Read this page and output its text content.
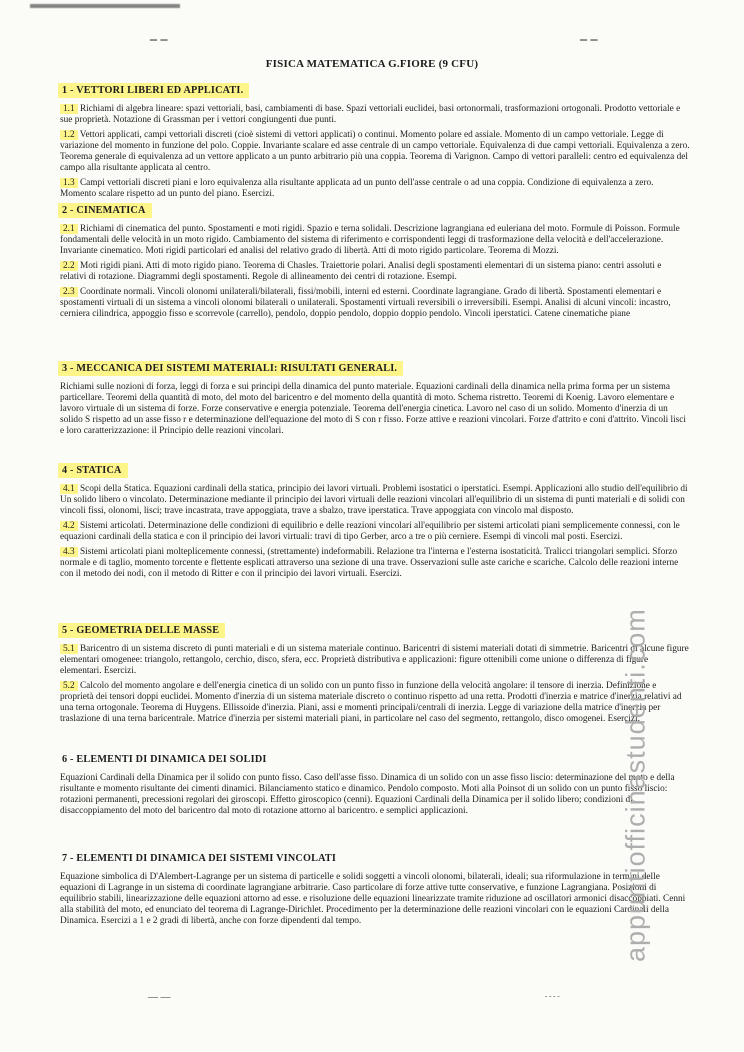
– –	– –
FISICA MATEMATICA G.FIORE (9 CFU)
1 - VETTORI LIBERI ED APPLICATI.
1.1 Richiami di algebra lineare: spazi vettoriali, basi, cambiamenti di base. Spazi vettoriali euclidei, basi ortonormali, trasformazioni ortogonali. Prodotto vettoriale e sue proprietà. Notazione di Grassman per i vettori congiungenti due punti.
1.2 Vettori applicati, campi vettoriali discreti (cioè sistemi di vettori applicati) o continui. Momento polare ed assiale. Momento di un campo vettoriale. Legge di variazione del momento in funzione del polo. Coppie. Invariante scalare ed asse centrale di un campo vettoriale. Equivalenza di due campi vettoriali. Equivalenza a zero. Teorema generale di equivalenza ad un vettore applicato a un punto arbitrario più una coppia. Teorema di Varignon. Campo di vettori paralleli: centro ed equivalenza del campo alla risultante applicata al centro.
1.3 Campi vettoriali discreti piani e loro equivalenza alla risultante applicata ad un punto dell'asse centrale o ad una coppia. Condizione di equivalenza a zero. Momento scalare rispetto ad un punto del piano. Esercizi.
2 - CINEMATICA
2.1 Richiami di cinematica del punto. Spostamenti e moti rigidi. Spazio e terna solidali. Descrizione lagrangiana ed euleriana del moto. Formule di Poisson. Formule fondamentali delle velocità in un moto rigido. Cambiamento del sistema di riferimento e corrispondenti leggi di trasformazione della velocità e dell'accelerazione. Invariante cinematico. Moti rigidi particolari ed analisi del relativo grado di libertà. Atti di moto rigido particolare. Teorema di Mozzi.
2.2 Moti rigidi piani. Atti di moto rigido piano. Teorema di Chasles. Traiettorie polari. Analisi degli spostamenti elementari di un sistema piano: centri assoluti e relativi di rotazione. Diagrammi degli spostamenti. Regole di allineamento dei centri di rotazione. Esempi.
2.3 Coordinate normali. Vincoli olonomi unilaterali/bilaterali, fissi/mobili, interni ed esterni. Coordinate lagrangiane. Grado di libertà. Spostamenti elementari e spostamenti virtuali di un sistema a vincoli olonomi bilaterali o unilaterali. Spostamenti virtuali reversibili o irreversibili. Esempi. Analisi di alcuni vincoli: incastro, cerniera cilindrica, appoggio fisso e scorrevole (carrello), pendolo, doppio pendolo, doppio doppio pendolo. Vincoli iperstatici. Catene cinematiche piane
3 - MECCANICA DEI SISTEMI MATERIALI: RISULTATI GENERALI.
Richiami sulle nozioni di forza, leggi di forza e sui principi della dinamica del punto materiale. Equazioni cardinali della dinamica nella prima forma per un sistema particellare. Teoremi della quantità di moto, del moto del baricentro e del momento della quantità di moto. Schema ristretto. Teoremi di Koenig. Lavoro elementare e lavoro virtuale di un sistema di forze. Forze conservative e energia potenziale. Teorema dell'energia cinetica. Lavoro nel caso di un solido. Momento d'inerzia di un solido S rispetto ad un asse fisso r e determinazione dell'equazione del moto di S con r fisso. Forze attive e reazioni vincolari. Forze d'attrito e coni d'attrito. Vincoli lisci e loro caratterizzazione: il Principio delle reazioni vincolari.
4 - STATICA
4.1 Scopi della Statica. Equazioni cardinali della statica, principio dei lavori virtuali. Problemi isostatici o iperstatici. Esempi. Applicazioni allo studio dell'equilibrio di Un solido libero o vincolato. Determinazione mediante il principio dei lavori virtuali delle reazioni vincolari all'equilibrio di un sistema di punti materiali e di solidi con vincoli fissi, olonomi, lisci; trave incastrata, trave appoggiata, trave a sbalzo, trave iperstatica. Trave appoggiata con vincolo mal disposto.
4.2 Sistemi articolati. Determinazione delle condizioni di equilibrio e delle reazioni vincolari all'equilibrio per sistemi articolati piani semplicemente connessi, con le equazioni cardinali della statica e con il principio dei lavori virtuali: travi di tipo Gerber, arco a tre o più cerniere. Esempi di vincoli mal posti. Esercizi.
4.3 Sistemi articolati piani molteplicemente connessi, (strettamente) indeformabili. Relazione tra l'interna e l'esterna isostaticità. Tralicci triangolari semplici. Sforzo normale e di taglio, momento torcente e flettente esplicati attraverso una sezione di una trave. Osservazioni sulle aste cariche e scariche. Calcolo delle reazioni interne con il metodo dei nodi, con il metodo di Ritter e con il principio dei lavori virtuali. Esercizi.
5 - GEOMETRIA DELLE MASSE
5.1 Baricentro di un sistema discreto di punti materiali e di un sistema materiale continuo. Baricentri di sistemi materiali dotati di simmetrie. Baricentri di alcune figure elementari omogenee: triangolo, rettangolo, cerchio, disco, sfera, ecc. Proprietà distributiva e applicazioni: figure ottenibili come unione o differenza di figure elementari. Esercizi.
5.2 Calcolo del momento angolare e dell'energia cinetica di un solido con un punto fisso in funzione della velocità angolare: il tensore di inerzia. Definizione e proprietà dei tensori doppi euclidei. Momento d'inerzia di un sistema materiale discreto o continuo rispetto ad una retta. Prodotti d'inerzia e matrice d'inerzia relativi ad una terna ortogonale. Teorema di Huygens. Ellissoide d'inerzia. Piani, assi e momenti principali/centrali di inerzia. Legge di variazione della matrice d'inerzia per traslazione di una terna baricentrale. Matrice d'inerzia per sistemi materiali piani, in particolare nel caso del segmento, rettangolo, disco omogenei. Esercizi.
6 - ELEMENTI DI DINAMICA DEI SOLIDI
Equazioni Cardinali della Dinamica per il solido con punto fisso. Caso dell'asse fisso. Dinamica di un solido con un asse fisso liscio: determinazione del moto e della risultante e momento risultante dei cimenti dinamici. Bilanciamento statico e dinamico. Pendolo composto. Moti alla Poinsot di un solido con un punto fisso liscio: rotazioni permanenti, precessioni regolari dei giroscopi. Effetto giroscopico (cenni). Equazioni Cardinali della Dinamica per il solido libero; condizioni di disaccoppiamento del moto del baricentro dal moto di rotazione attorno al baricentro. e semplici applicazioni.
7 - ELEMENTI DI DINAMICA DEI SISTEMI VINCOLATI
Equazione simbolica di D'Alembert-Lagrange per un sistema di particelle e solidi soggetti a vincoli olonomi, bilaterali, ideali; sua riformulazione in termini delle equazioni di Lagrange in un sistema di coordinate lagrangiane arbitrarie. Caso particolare di forze attive tutte conservative, e funzione Lagrangiana. Posizioni di equilibrio stabili, linearizzazione delle equazioni attorno ad esse. e risoluzione delle equazioni linearizzate tramite riduzione ad oscillatori armonici disaccoppiati. Cenni alla stabilità del moto, ed enunciato del teorema di Lagrange-Dirichlet. Procedimento per la determinazione delle reazioni vincolari con le equazioni Cardinali della Dinamica. Esercizi a 1 e 2 gradi di libertà, anche con forze dipendenti dal tempo.	appuntiofficinastudenti.com
— —	- - - -
